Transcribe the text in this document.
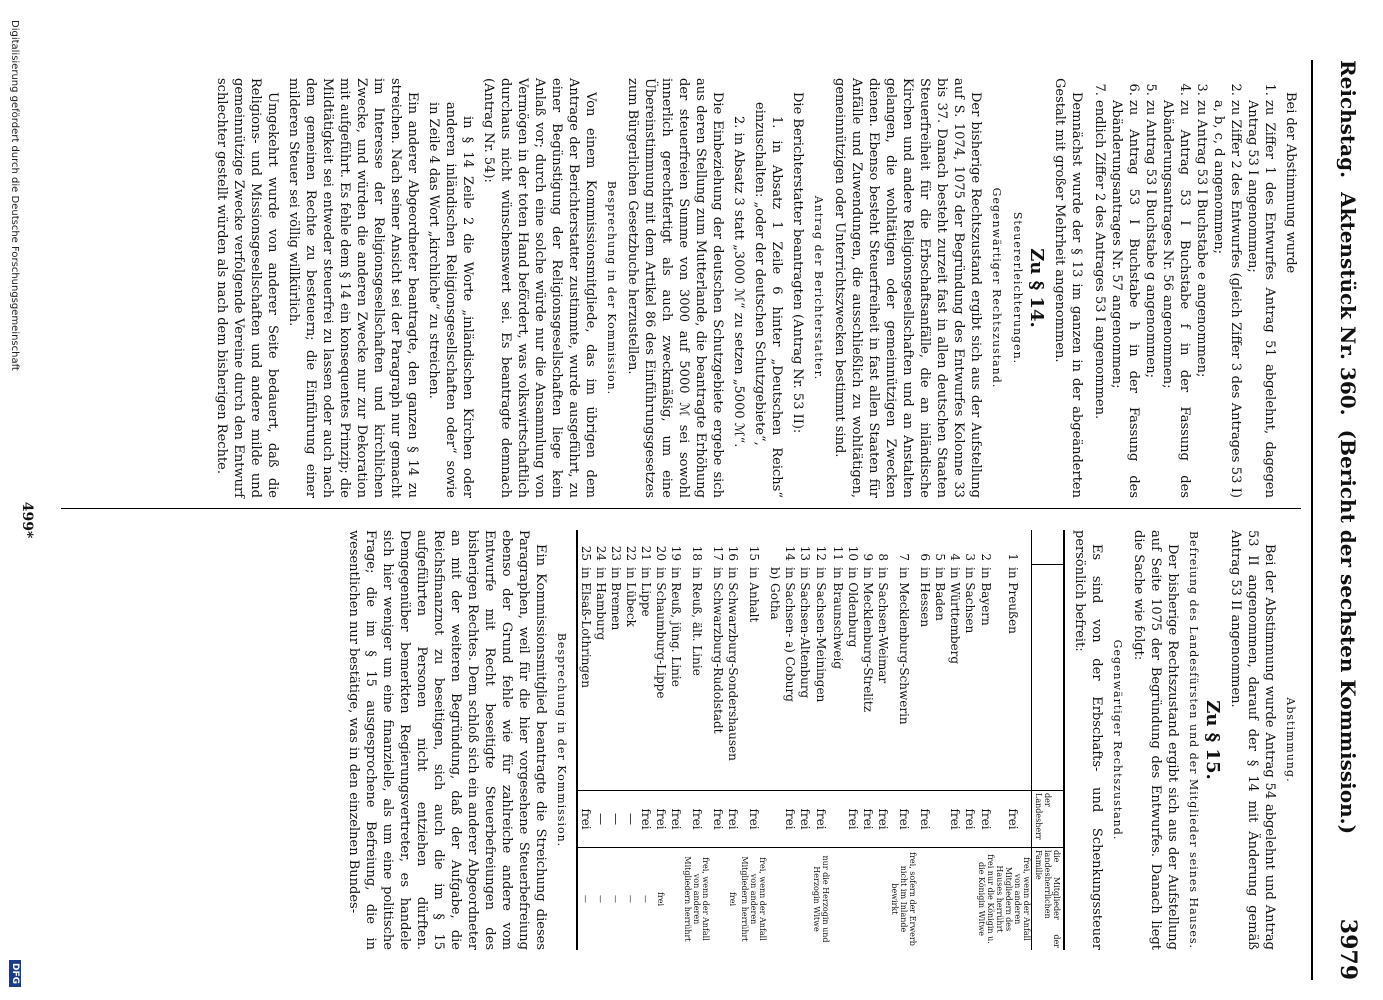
Reichstag.
Aktenstück Nr. 360.
(Bericht der sechsten Kommission.)
3979

Bei der Abstimmung wurde

1. zu Ziffer 1 des Entwurfes Antrag 51 abgelehnt, dagegen Antrag 53 I angenommen;
2. zu Ziffer 2 des Entwurfes (gleich Ziffer 3 des Antrages 53 I) a, b, c, d angenommen;
3. zu Antrag 53 I Buchstabe e angenommen;
4. zu Antrag 53 I Buchstabe f in der Fassung des Abänderungsantrages Nr. 56 angenommen;
5. zu Antrag 53 I Buchstabe g angenommen;
6. zu Antrag 53 I Buchstabe h in der Fassung des Abänderungsantrages Nr. 57 angenommen;
7. endlich Ziffer 2 des Antrages 53 I angenommen.

Demnächst wurde der § 13 im ganzen in der abgeänderten Gestalt mit großer Mehrheit angenommen.

Zu § 14.

Steuererleichterungen.

Gegenwärtiger Rechtszustand.

Der bisherige Rechtszustand ergibt sich aus der Aufstellung auf S. 1074, 1075 der Begründung des Entwurfes Kolonne 33 bis 37. Danach besteht zurzeit fast in allen deutschen Staaten Steuerfreiheit für die Erbschaftsanfälle, die an inländische Kirchen und andere Religionsgesellschaften und an Anstalten gelangen, die wohltätigen oder gemeinnützigen Zwecken dienen. Ebenso besteht Steuerfreiheit in fast allen Staaten für Anfälle und Zuwendungen, die ausschließlich zu wohltätigen, gemeinnützigen oder Unterrichtszwecken bestimmt sind.

Antrag der Berichterstatter.

Die Berichterstatter beantragten (Antrag Nr. 53 II):

1. in Absatz 1 Zeile 6 hinter „Deutschen Reichs“ einzuschalten: „oder der deutschen Schutzgebiete“,

2. in Absatz 3 statt „3000 ℳ“ zu setzen „5000 ℳ“.

Die Einbeziehung der deutschen Schutzgebiete ergebe sich aus deren Stellung zum Mutterlande, die beantragte Erhöhung der steuerfreien Summe von 3000 auf 5000 ℳ sei sowohl innerlich gerechtfertigt als auch zweckmäßig, um eine Übereinstimmung mit dem Artikel 86 des Einführungsgesetzes zum Bürgerlichen Gesetzbuche herzustellen.

Besprechung in der Kommission.

Von einem Kommissionsmitgliede, das im übrigen dem Antrage der Berichterstatter zustimmte, wurde ausgeführt, zu einer Begünstigung der Religionsgesellschaften liege kein Anlaß vor; durch eine solche würde nur die Ansammlung von Vermögen in der toten Hand befördert, was volkswirtschaftlich durchaus nicht wünschenswert sei. Es beantragte demnach (Antrag Nr. 54):

in § 14 Zeile 2 die Worte „inländischen Kirchen oder anderen inländischen Religionsgesellschaften oder“ sowie in Zeile 4 das Wort „kirchliche“ zu streichen.

Ein anderer Abgeordneter beantragte, den ganzen § 14 zu streichen. Nach seiner Ansicht sei der Paragraph nur gemacht im Interesse der Religionsgesellschaften und kirchlichen Zwecke, und würden die anderen Zwecke nur zur Dekoration mit aufgeführt. Es fehle dem § 14 ein konsequentes Prinzip; die Mildtätigkeit sei entweder steuerfrei zu lassen oder auch nach dem gemeinen Rechte zu besteuern; die Einführung einer milderen Steuer sei völlig willkürlich.

Umgekehrt wurde von anderer Seite bedauert, daß die Religions- und Missionsgesellschaften und andere milde und gemeinnützige Zwecke verfolgende Vereine durch den Entwurf schlechter gestellt würden als nach dem bisherigen Rechte.

Abstimmung.

Bei der Abstimmung wurde Antrag 54 abgelehnt und Antrag 53 II angenommen, darauf der § 14 mit Änderung gemäß Antrag 53 II angenommen.

Zu § 15.

Befreiung des Landesfürsten und der Mitglieder seines Hauses.

Der bisherige Rechtszustand ergibt sich aus der Aufstellung auf Seite 1075 der Begründung des Entwurfes. Danach liegt die Sache wie folgt:

Gegenwärtiger Rechtszustand.

Es sind von der Erbschafts- und Schenkungssteuer persönlich befreit:

		der Landesherr	die Mitglieder der landesherrlichen Familie
1	in Preußen	frei	frei, wenn der Anfall von anderen Mitgliedern des Hauses herrührt
2	in Bayern	frei	frei nur die Königin u. die Königin Witwe
3	in Sachsen	frei	
4	in Württemberg	frei	
5	in Baden		
6	in Hessen	frei	
7	in Mecklenburg-Schwerin	frei	frei, sofern der Erwerb nicht im Inlande bewirkt
8	in Sachsen-Weimar	frei	
9	in Mecklenburg-Strelitz	frei	
10	in Oldenburg	frei	
11	in Braunschweig		
12	in Sachsen-Meiningen	frei	nur die Herzogin und Herzogin Witwe
13	in Sachsen-Altenburg	frei	
14	in Sachsen- a) Coburg	frei	
	b) Gotha		
15	in Anhalt	frei	frei, wenn der Anfall von anderen Mitgliedern herrührt
16	in Schwarzburg-Sondershausen	frei	frei
17	in Schwarzburg-Rudolstadt	frei	
18	in Reuß, ält. Linie	frei	frei, wenn der Anfall von anderen Mitgliedern herrührt
19	in Reuß, jüng. Linie	frei	
20	in Schaumburg-Lippe	frei	frei
21	in Lippe	frei	—
22	in Lübeck	—	—
23	in Bremen	—	—
24	in Hamburg	—	—
25	in Elsaß-Lothringen	frei	—

Besprechung in der Kommission.

Ein Kommissionsmitglied beantragte die Streichung dieses Paragraphen, weil für die hier vorgesehene Steuerbefreiung ebenso der Grund fehle wie für zahlreiche andere vom Entwurfe mit Recht beseitigte Steuerbefreiungen des bisherigen Rechtes. Dem schloß sich ein anderer Abgeordneter an mit der weiteren Begründung, daß der Aufgabe, die Reichsfinanznot zu beseitigen, sich auch die im § 15 aufgeführten Personen nicht entziehen dürften. Demgegenüber bemerkten Regierungsvertreter, es handele sich hier weniger um eine finanzielle, als um eine politische Frage; die im § 15 ausgesprochene Befreiung, die in wesentlichen nur bestätige, was in den einzelnen Bundes-

499*
Digitalisierung gefördert durch die Deutsche Forschungsgemeinschaft
DFG
